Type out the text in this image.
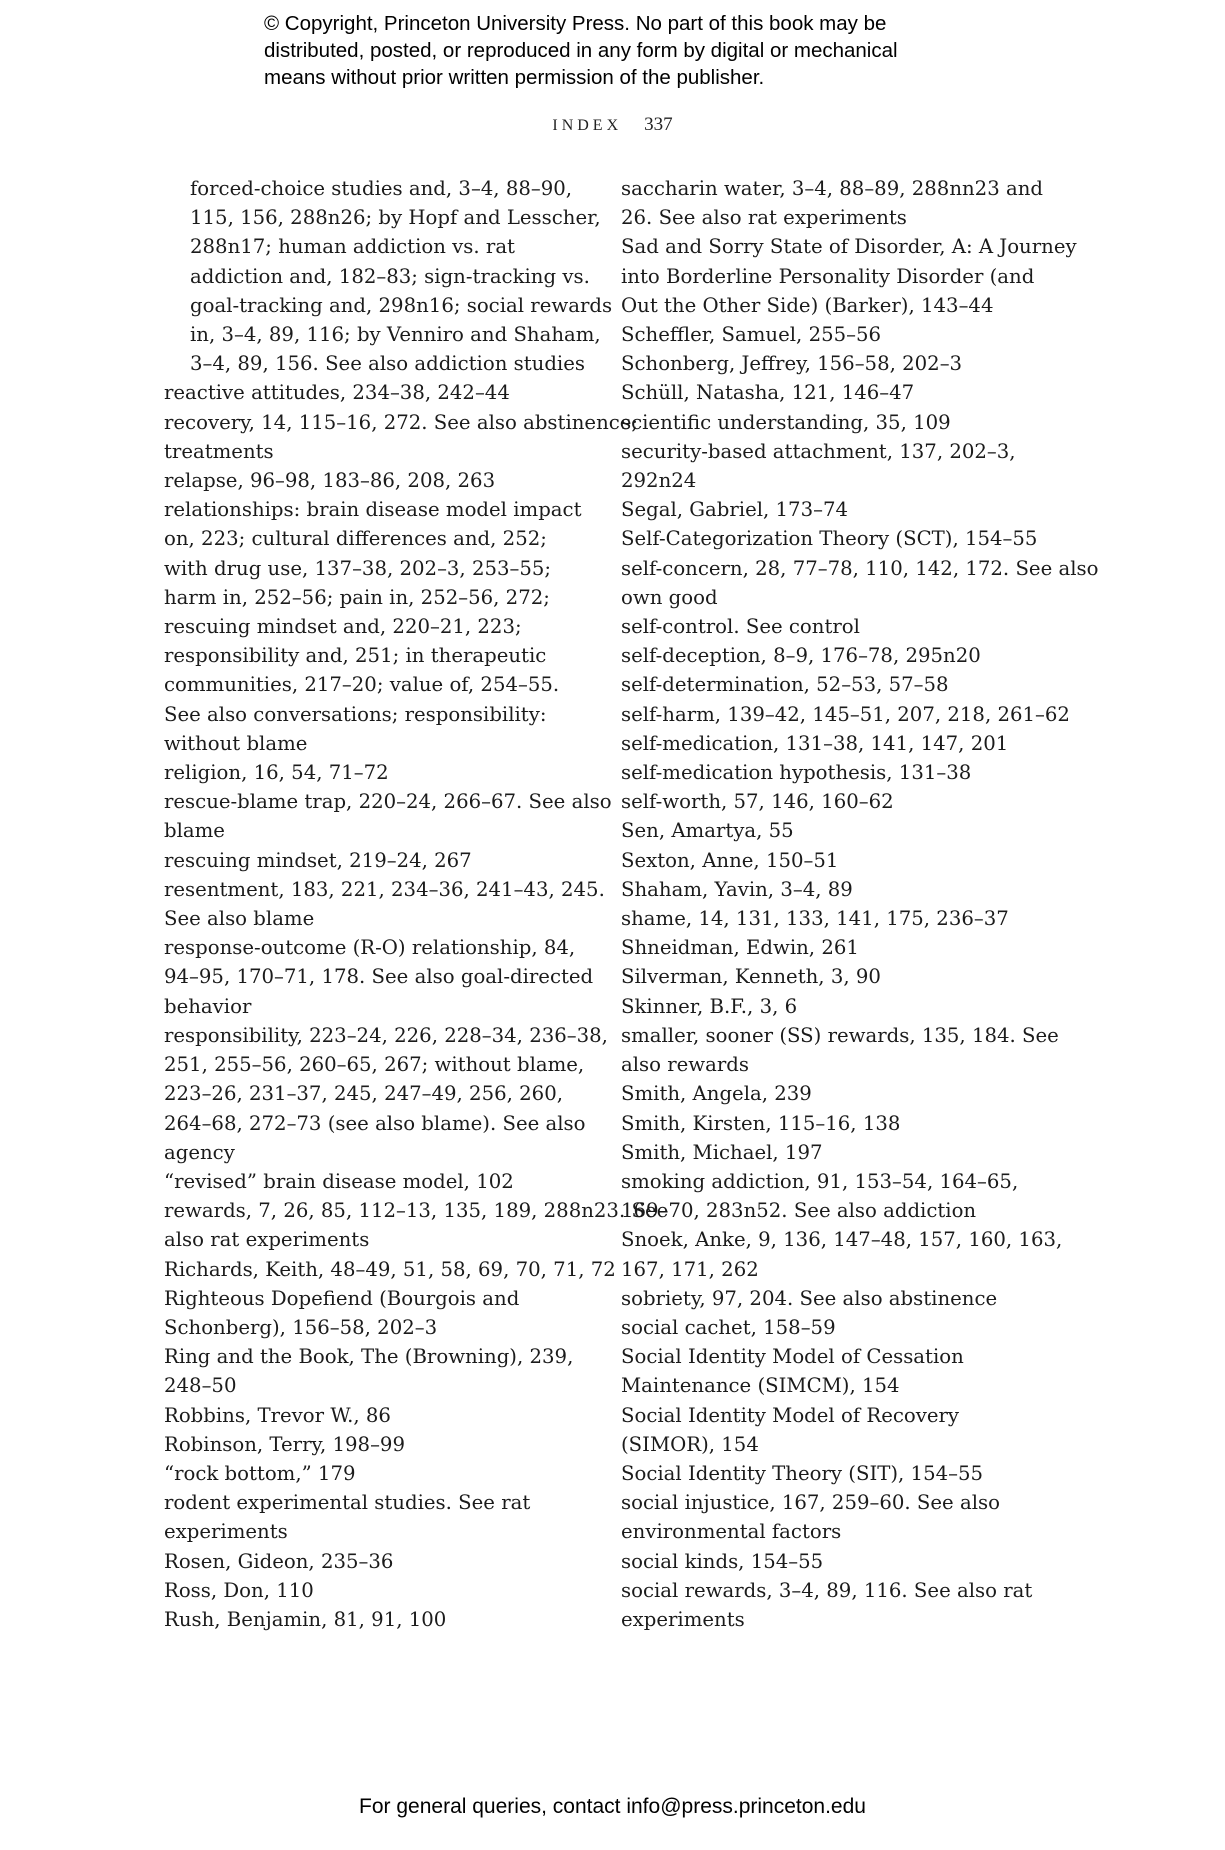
© Copyright, Princeton University Press. No part of this book may be
distributed, posted, or reproduced in any form by digital or mechanical
means without prior written permission of the publisher.
INDEX 337
forced-choice studies and, 3–4, 88–90,
115, 156, 288n26; by Hopf and Lesscher,
288n17; human addiction vs. rat
addiction and, 182–83; sign-tracking vs.
goal-tracking and, 298n16; social rewards
in, 3–4, 89, 116; by Venniro and Shaham,
3–4, 89, 156. See also addiction studies
reactive attitudes, 234–38, 242–44
recovery, 14, 115–16, 272. See also abstinence;
treatments
relapse, 96–98, 183–86, 208, 263
relationships: brain disease model impact
on, 223; cultural differences and, 252;
with drug use, 137–38, 202–3, 253–55;
harm in, 252–56; pain in, 252–56, 272;
rescuing mindset and, 220–21, 223;
responsibility and, 251; in therapeutic
communities, 217–20; value of, 254–55.
See also conversations; responsibility:
without blame
religion, 16, 54, 71–72
rescue-blame trap, 220–24, 266–67. See also
blame
rescuing mindset, 219–24, 267
resentment, 183, 221, 234–36, 241–43, 245.
See also blame
response-outcome (R-O) relationship, 84,
94–95, 170–71, 178. See also goal-directed
behavior
responsibility, 223–24, 226, 228–34, 236–38,
251, 255–56, 260–65, 267; without blame,
223–26, 231–37, 245, 247–49, 256, 260,
264–68, 272–73 (see also blame). See also
agency
“revised” brain disease model, 102
rewards, 7, 26, 85, 112–13, 135, 189, 288n23. See
also rat experiments
Richards, Keith, 48–49, 51, 58, 69, 70, 71, 72
Righteous Dopefiend (Bourgois and
Schonberg), 156–58, 202–3
Ring and the Book, The (Browning), 239,
248–50
Robbins, Trevor W., 86
Robinson, Terry, 198–99
“rock bottom,” 179
rodent experimental studies. See rat
experiments
Rosen, Gideon, 235–36
Ross, Don, 110
Rush, Benjamin, 81, 91, 100
saccharin water, 3–4, 88–89, 288nn23 and
26. See also rat experiments
Sad and Sorry State of Disorder, A: A Journey
into Borderline Personality Disorder (and
Out the Other Side) (Barker), 143–44
Scheffler, Samuel, 255–56
Schonberg, Jeffrey, 156–58, 202–3
Schüll, Natasha, 121, 146–47
scientific understanding, 35, 109
security-based attachment, 137, 202–3,
292n24
Segal, Gabriel, 173–74
Self-Categorization Theory (SCT), 154–55
self-concern, 28, 77–78, 110, 142, 172. See also
own good
self-control. See control
self-deception, 8–9, 176–78, 295n20
self-determination, 52–53, 57–58
self-harm, 139–42, 145–51, 207, 218, 261–62
self-medication, 131–38, 141, 147, 201
self-medication hypothesis, 131–38
self-worth, 57, 146, 160–62
Sen, Amartya, 55
Sexton, Anne, 150–51
Shaham, Yavin, 3–4, 89
shame, 14, 131, 133, 141, 175, 236–37
Shneidman, Edwin, 261
Silverman, Kenneth, 3, 90
Skinner, B.F., 3, 6
smaller, sooner (SS) rewards, 135, 184. See
also rewards
Smith, Angela, 239
Smith, Kirsten, 115–16, 138
Smith, Michael, 197
smoking addiction, 91, 153–54, 164–65,
169–70, 283n52. See also addiction
Snoek, Anke, 9, 136, 147–48, 157, 160, 163,
167, 171, 262
sobriety, 97, 204. See also abstinence
social cachet, 158–59
Social Identity Model of Cessation
Maintenance (SIMCM), 154
Social Identity Model of Recovery
(SIMOR), 154
Social Identity Theory (SIT), 154–55
social injustice, 167, 259–60. See also
environmental factors
social kinds, 154–55
social rewards, 3–4, 89, 116. See also rat
experiments
For general queries, contact info@press.princeton.edu
